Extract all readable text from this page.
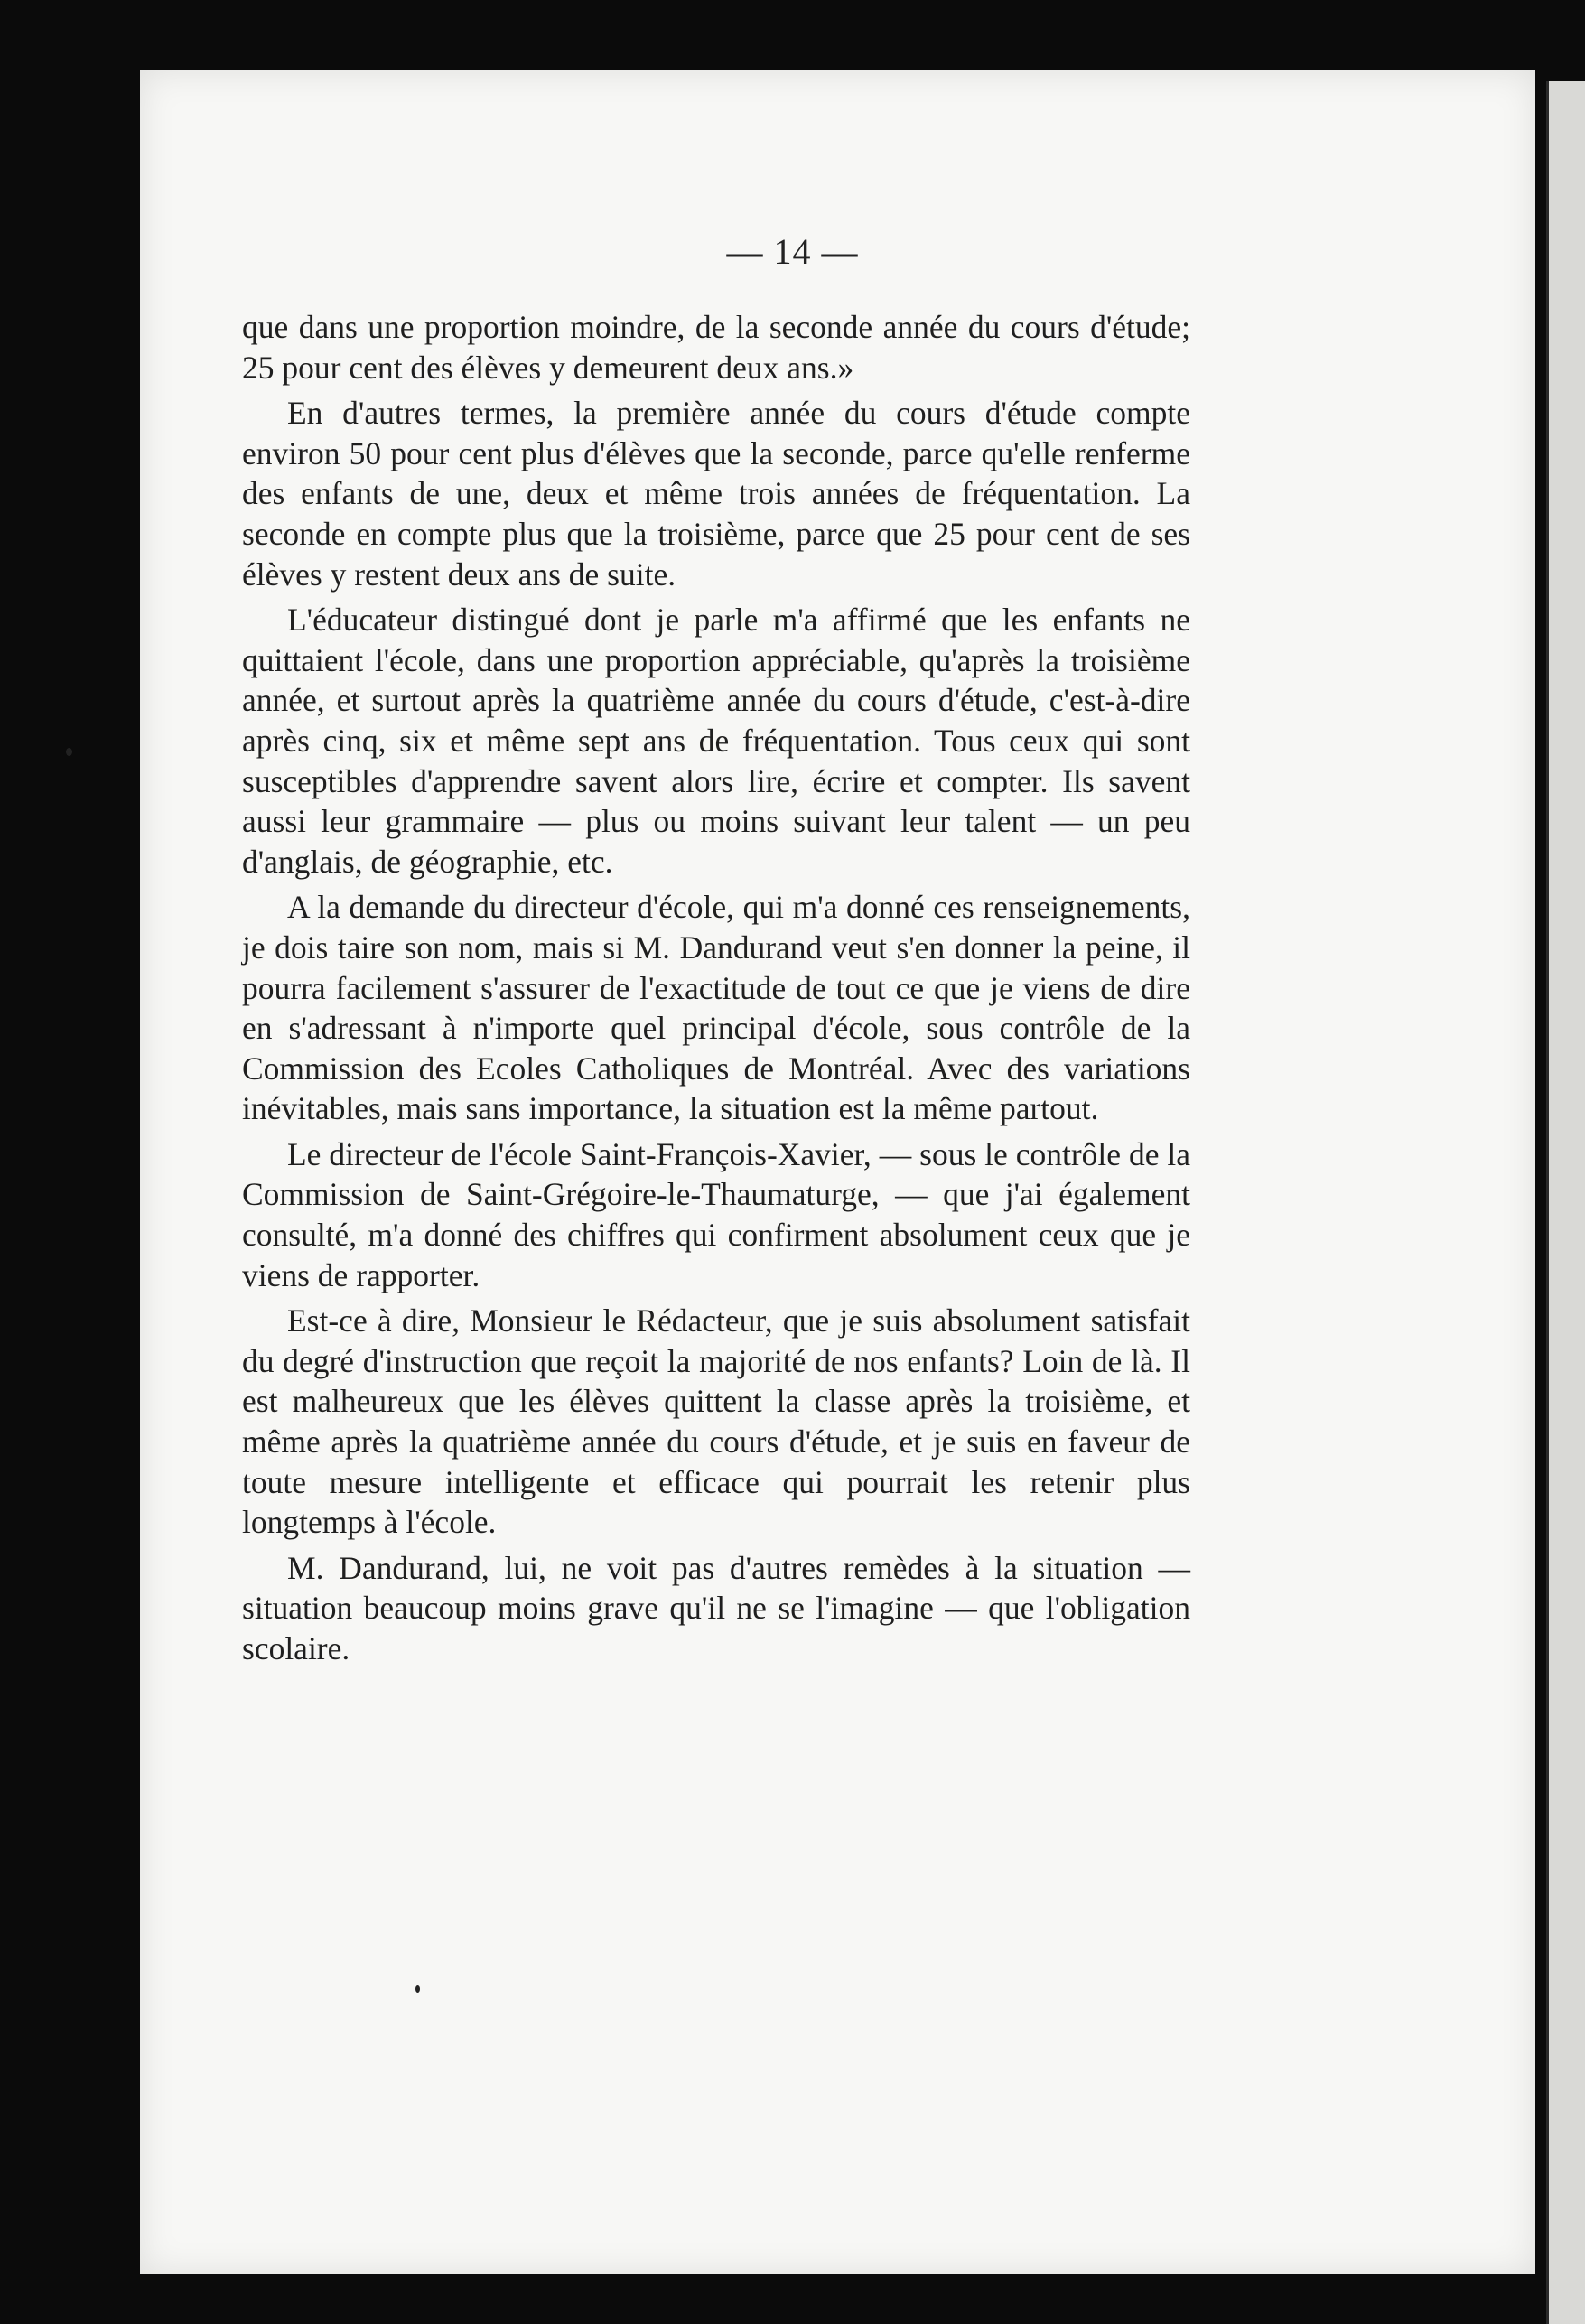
— 14 —

que dans une proportion moindre, de la seconde année du cours d'étude; 25 pour cent des élèves y demeurent deux ans.»

En d'autres termes, la première année du cours d'étude compte environ 50 pour cent plus d'élèves que la seconde, parce qu'elle renferme des enfants de une, deux et même trois années de fréquentation. La seconde en compte plus que la troisième, parce que 25 pour cent de ses élèves y restent deux ans de suite.

L'éducateur distingué dont je parle m'a affirmé que les enfants ne quittaient l'école, dans une proportion appréciable, qu'après la troisième année, et surtout après la quatrième année du cours d'étude, c'est-à-dire après cinq, six et même sept ans de fréquentation. Tous ceux qui sont susceptibles d'apprendre savent alors lire, écrire et compter. Ils savent aussi leur grammaire — plus ou moins suivant leur talent — un peu d'anglais, de géographie, etc.

A la demande du directeur d'école, qui m'a donné ces renseignements, je dois taire son nom, mais si M. Dandurand veut s'en donner la peine, il pourra facilement s'assurer de l'exactitude de tout ce que je viens de dire en s'adressant à n'importe quel principal d'école, sous contrôle de la Commission des Ecoles Catholiques de Montréal. Avec des variations inévitables, mais sans importance, la situation est la même partout.

Le directeur de l'école Saint-François-Xavier, — sous le contrôle de la Commission de Saint-Grégoire-le-Thaumaturge, — que j'ai également consulté, m'a donné des chiffres qui confirment absolument ceux que je viens de rapporter.

Est-ce à dire, Monsieur le Rédacteur, que je suis absolument satisfait du degré d'instruction que reçoit la majorité de nos enfants? Loin de là. Il est malheureux que les élèves quittent la classe après la troisième, et même après la quatrième année du cours d'étude, et je suis en faveur de toute mesure intelligente et efficace qui pourrait les retenir plus longtemps à l'école.

M. Dandurand, lui, ne voit pas d'autres remèdes à la situation — situation beaucoup moins grave qu'il ne se l'imagine — que l'obligation scolaire.
